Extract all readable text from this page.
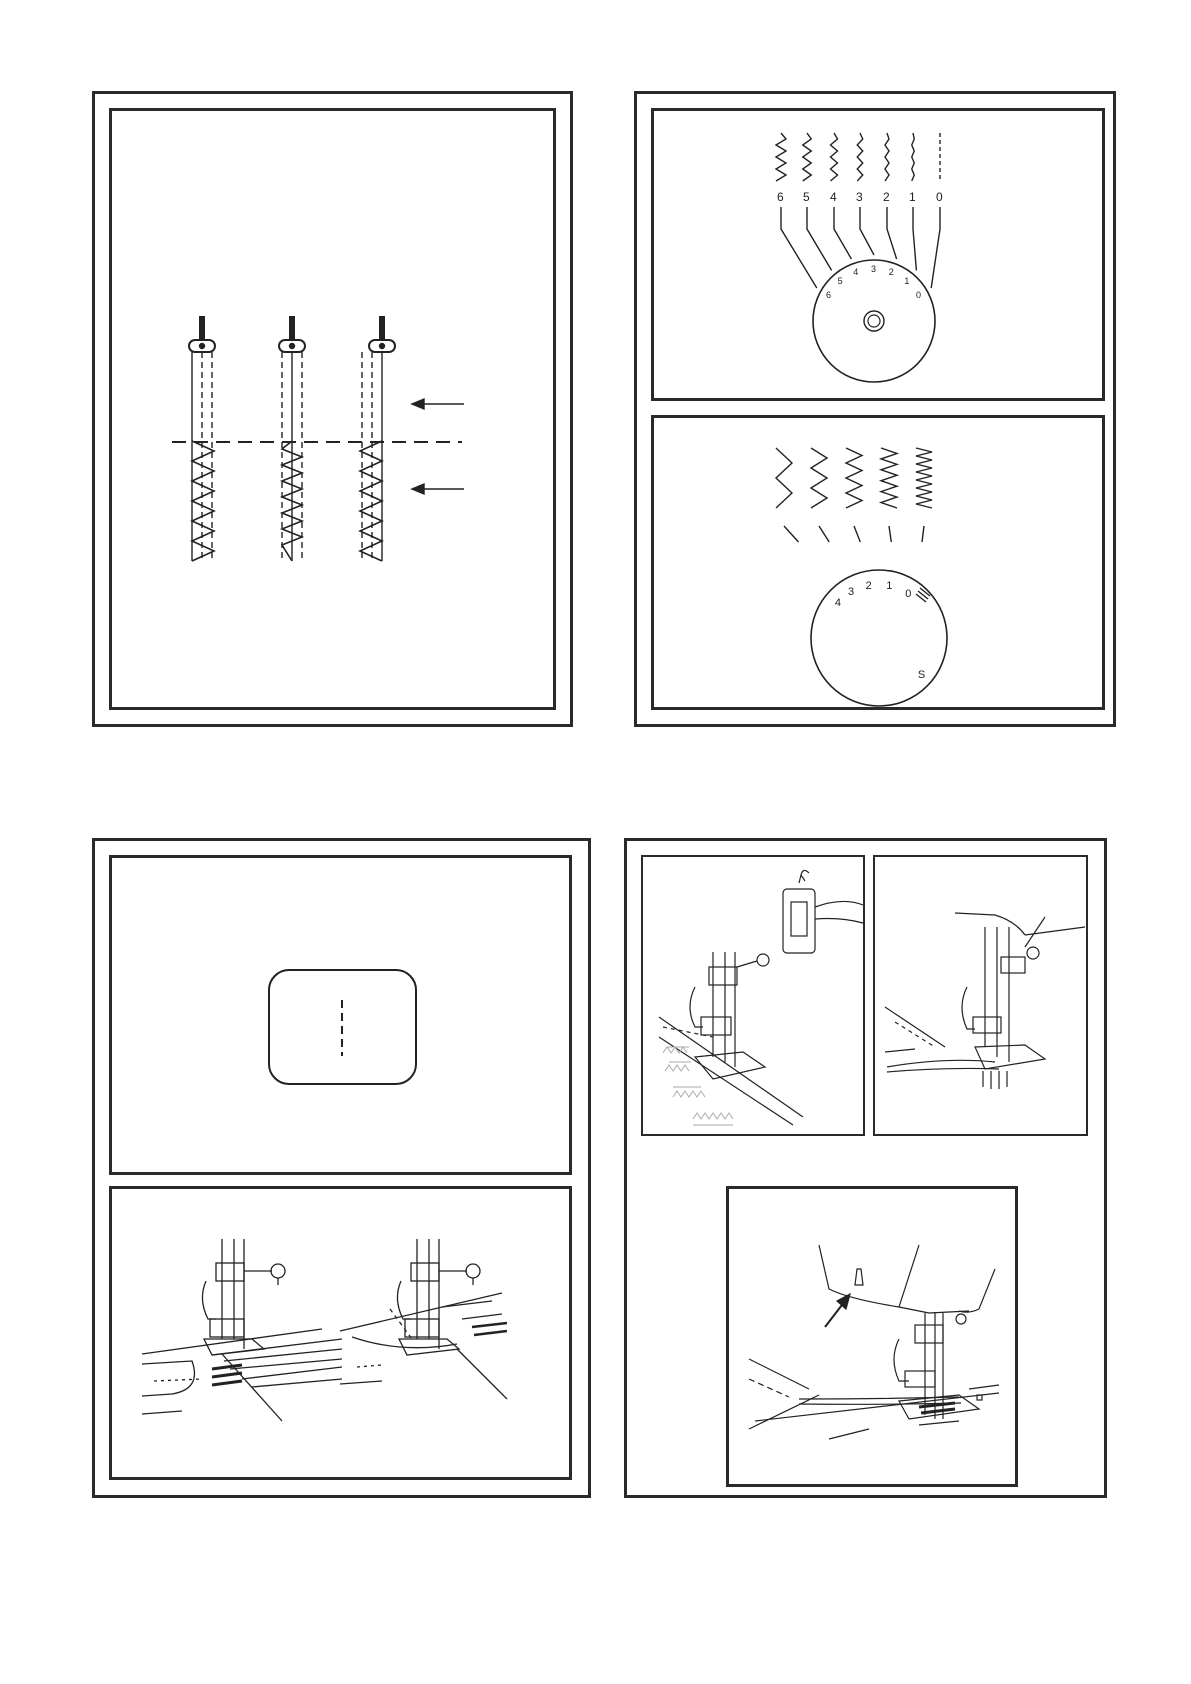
6
6
5
5
4
4
3
3
2
2
1
1
0
0
4
3
2 1
0
S
